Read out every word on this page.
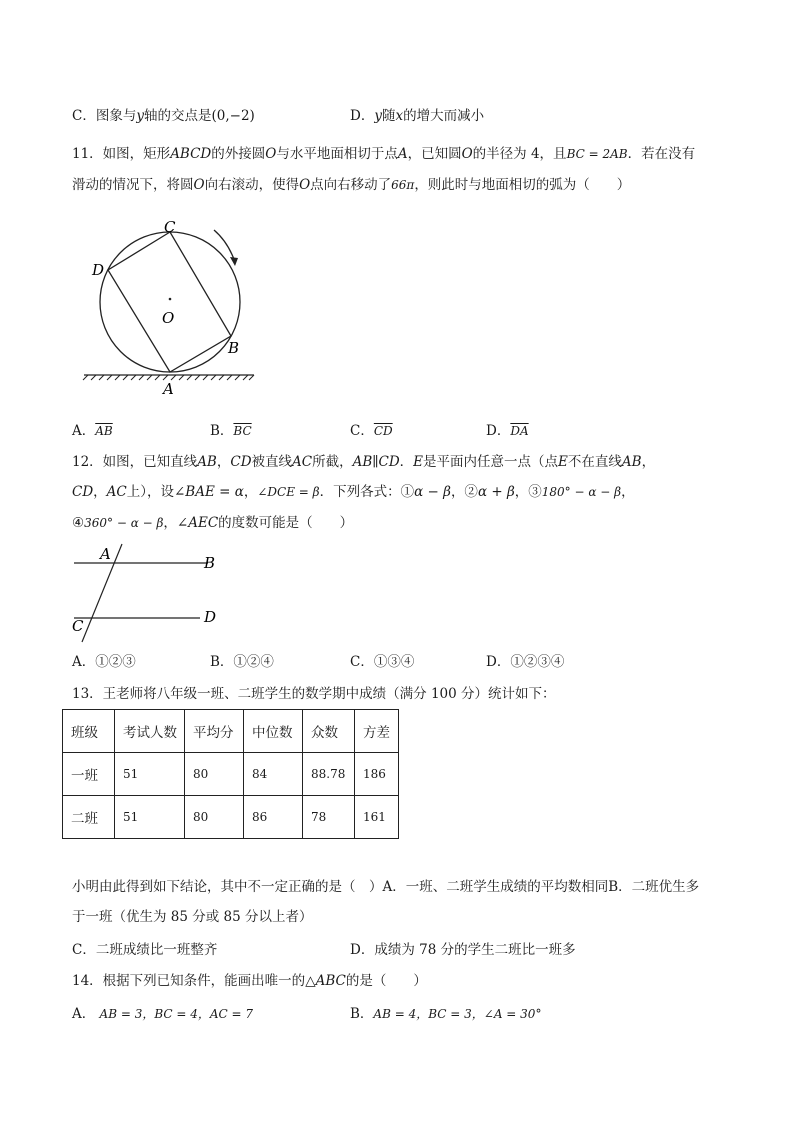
C．图象与y轴的交点是(0,−2)	D．y随x的增大而减小
11．如图，矩形ABCD的外接圆O与水平地面相切于点A，已知圆O的半径为 4，且BC = 2AB．若在没有
滑动的情况下，将圆O向右滚动，使得O点向右移动了66π，则此时与地面相切的弧为（　　）
C
D
O
B
A
A．$\overline{AB}$	B．$\overline{BC}$	C．$\overline{CD}$	D．$\overline{DA}$
12．如图，已知直线AB，CD被直线AC所截，AB∥CD．E是平面内任意一点（点E不在直线AB，
CD，AC上），设∠BAE = α，∠DCE = β．下列各式：①α − β，②α + β，③180° − α − β，
④360° − α − β，∠AEC的度数可能是（　　）
A	B
C	D
A．①②③	B．①②④	C．①③④	D．①②③④
13．王老师将八年级一班、二班学生的数学期中成绩（满分 100 分）统计如下：
班级	考试人数	平均分	中位数	众数	方差
一班	51	80	84	88.78	186
二班	51	80	86	78	161
小明由此得到如下结论，其中不一定正确的是（　）A．一班、二班学生成绩的平均数相同B．二班优生多
于一班（优生为 85 分或 85 分以上者）
C．二班成绩比一班整齐	D．成绩为 78 分的学生二班比一班多
14．根据下列已知条件，能画出唯一的△ABC的是（　　）
A． AB = 3，BC = 4，AC = 7	B．AB = 4，BC = 3，∠A = 30°
